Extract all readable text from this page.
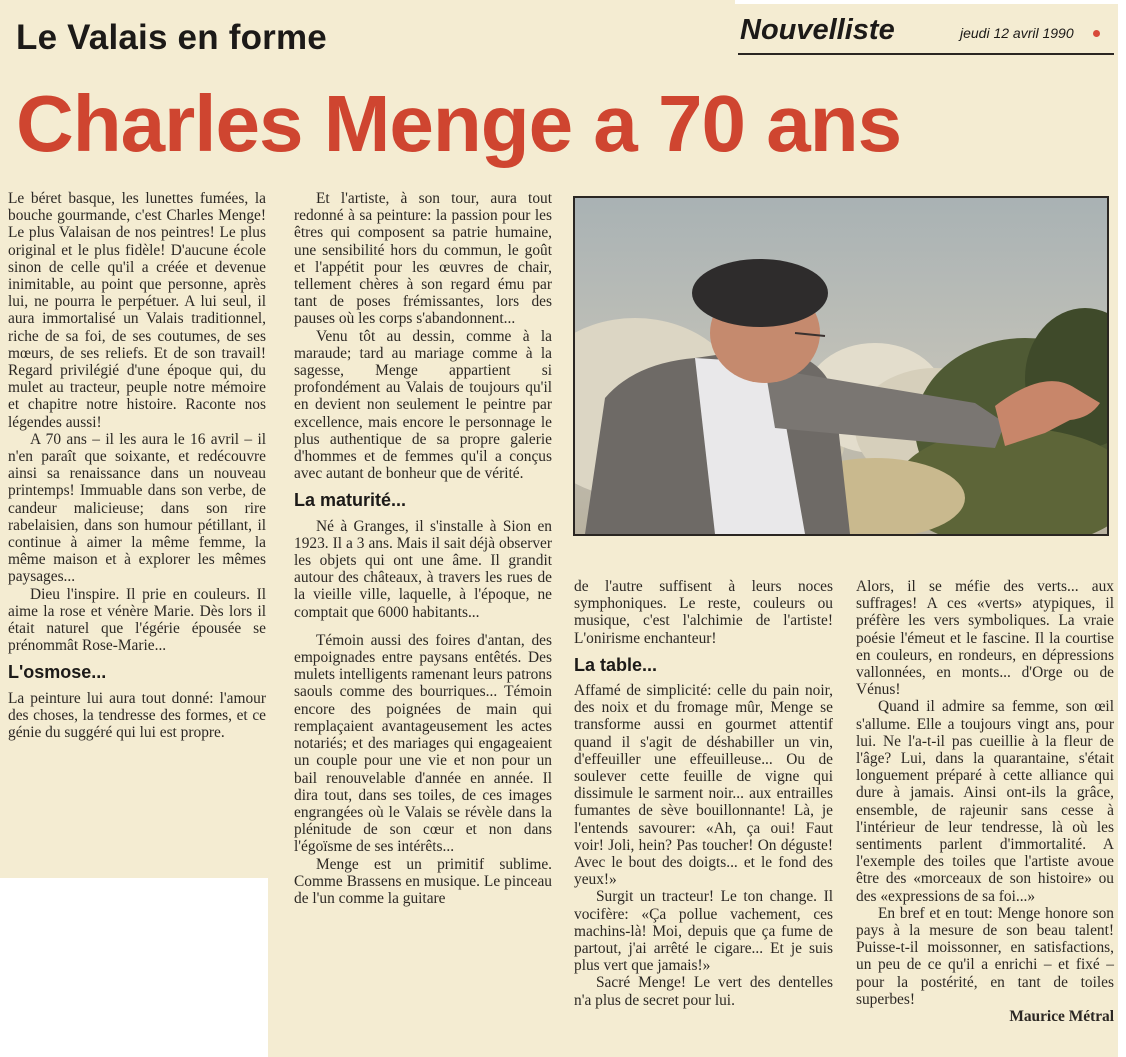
Le Valais en forme	Nouvelliste	jeudi 12 avril 1990
Charles Menge a 70 ans

Le béret basque, les lunettes fumées, la bouche gourmande, c'est Charles Menge! Le plus Valaisan de nos peintres! Le plus original et le plus fidèle! D'aucune école sinon de celle qu'il a créée et devenue inimitable, au point que personne, après lui, ne pourra le perpétuer. A lui seul, il aura immortalisé un Valais traditionnel, riche de sa foi, de ses coutumes, de ses mœurs, de ses reliefs. Et de son travail! Regard privilégié d'une époque qui, du mulet au tracteur, peuple notre mémoire et chapitre notre histoire. Raconte nos légendes aussi!

A 70 ans – il les aura le 16 avril – il n'en paraît que soixante, et redécouvre ainsi sa renaissance dans un nouveau printemps! Immuable dans son verbe, de candeur malicieuse; dans son rire rabelaisien, dans son humour pétillant, il continue à aimer la même femme, la même maison et à explorer les mêmes paysages...

Dieu l'inspire. Il prie en couleurs. Il aime la rose et vénère Marie. Dès lors il était naturel que l'égérie épousée se prénommât Rose-Marie...

L'osmose...

La peinture lui aura tout donné: l'amour des choses, la tendresse des formes, et ce génie du suggéré qui lui est propre.

Et l'artiste, à son tour, aura tout redonné à sa peinture: la passion pour les êtres qui composent sa patrie humaine, une sensibilité hors du commun, le goût et l'appétit pour les œuvres de chair, tellement chères à son regard ému par tant de poses frémissantes, lors des pauses où les corps s'abandonnent...

Venu tôt au dessin, comme à la maraude; tard au mariage comme à la sagesse, Menge appartient si profondément au Valais de toujours qu'il en devient non seulement le peintre par excellence, mais encore le personnage le plus authentique de sa propre galerie d'hommes et de femmes qu'il a conçus avec autant de bonheur que de vérité.

La maturité...

Né à Granges, il s'installe à Sion en 1923. Il a 3 ans. Mais il sait déjà observer les objets qui ont une âme. Il grandit autour des châteaux, à travers les rues de la vieille ville, laquelle, à l'époque, ne comptait que 6000 habitants...

Témoin aussi des foires d'antan, des empoignades entre paysans entêtés. Des mulets intelligents ramenant leurs patrons saouls comme des bourriques... Témoin encore des poignées de main qui remplaçaient avantageusement les actes notariés; et des mariages qui engageaient un couple pour une vie et non pour un bail renouvelable d'année en année. Il dira tout, dans ses toiles, de ces images engrangées où le Valais se révèle dans la plénitude de son cœur et non dans l'égoïsme de ses intérêts...

Menge est un primitif sublime. Comme Brassens en musique. Le pinceau de l'un comme la guitare

de l'autre suffisent à leurs noces symphoniques. Le reste, couleurs ou musique, c'est l'alchimie de l'artiste! L'onirisme enchanteur!

La table...

Affamé de simplicité: celle du pain noir, des noix et du fromage mûr, Menge se transforme aussi en gourmet attentif quand il s'agit de déshabiller un vin, d'effeuiller une effeuilleuse... Ou de soulever cette feuille de vigne qui dissimule le sarment noir... aux entrailles fumantes de sève bouillonnante! Là, je l'entends savourer: «Ah, ça oui! Faut voir! Joli, hein? Pas toucher! On déguste! Avec le bout des doigts... et le fond des yeux!»

Surgit un tracteur! Le ton change. Il vocifère: «Ça pollue vachement, ces machins-là! Moi, depuis que ça fume de partout, j'ai arrêté le cigare... Et je suis plus vert que jamais!»

Sacré Menge! Le vert des dentelles n'a plus de secret pour lui.

Alors, il se méfie des verts... aux suffrages! A ces «verts» atypiques, il préfère les vers symboliques. La vraie poésie l'émeut et le fascine. Il la courtise en couleurs, en rondeurs, en dépressions vallonnées, en monts... d'Orge ou de Vénus!

Quand il admire sa femme, son œil s'allume. Elle a toujours vingt ans, pour lui. Ne l'a-t-il pas cueillie à la fleur de l'âge? Lui, dans la quarantaine, s'était longuement préparé à cette alliance qui dure à jamais. Ainsi ont-ils la grâce, ensemble, de rajeunir sans cesse à l'intérieur de leur tendresse, là où les sentiments parlent d'immortalité. A l'exemple des toiles que l'artiste avoue être des «morceaux de son histoire» ou des «expressions de sa foi...»

En bref et en tout: Menge honore son pays à la mesure de son beau talent! Puisse-t-il moissonner, en satisfactions, un peu de ce qu'il a enrichi – et fixé – pour la postérité, en tant de toiles superbes!

Maurice Métral
